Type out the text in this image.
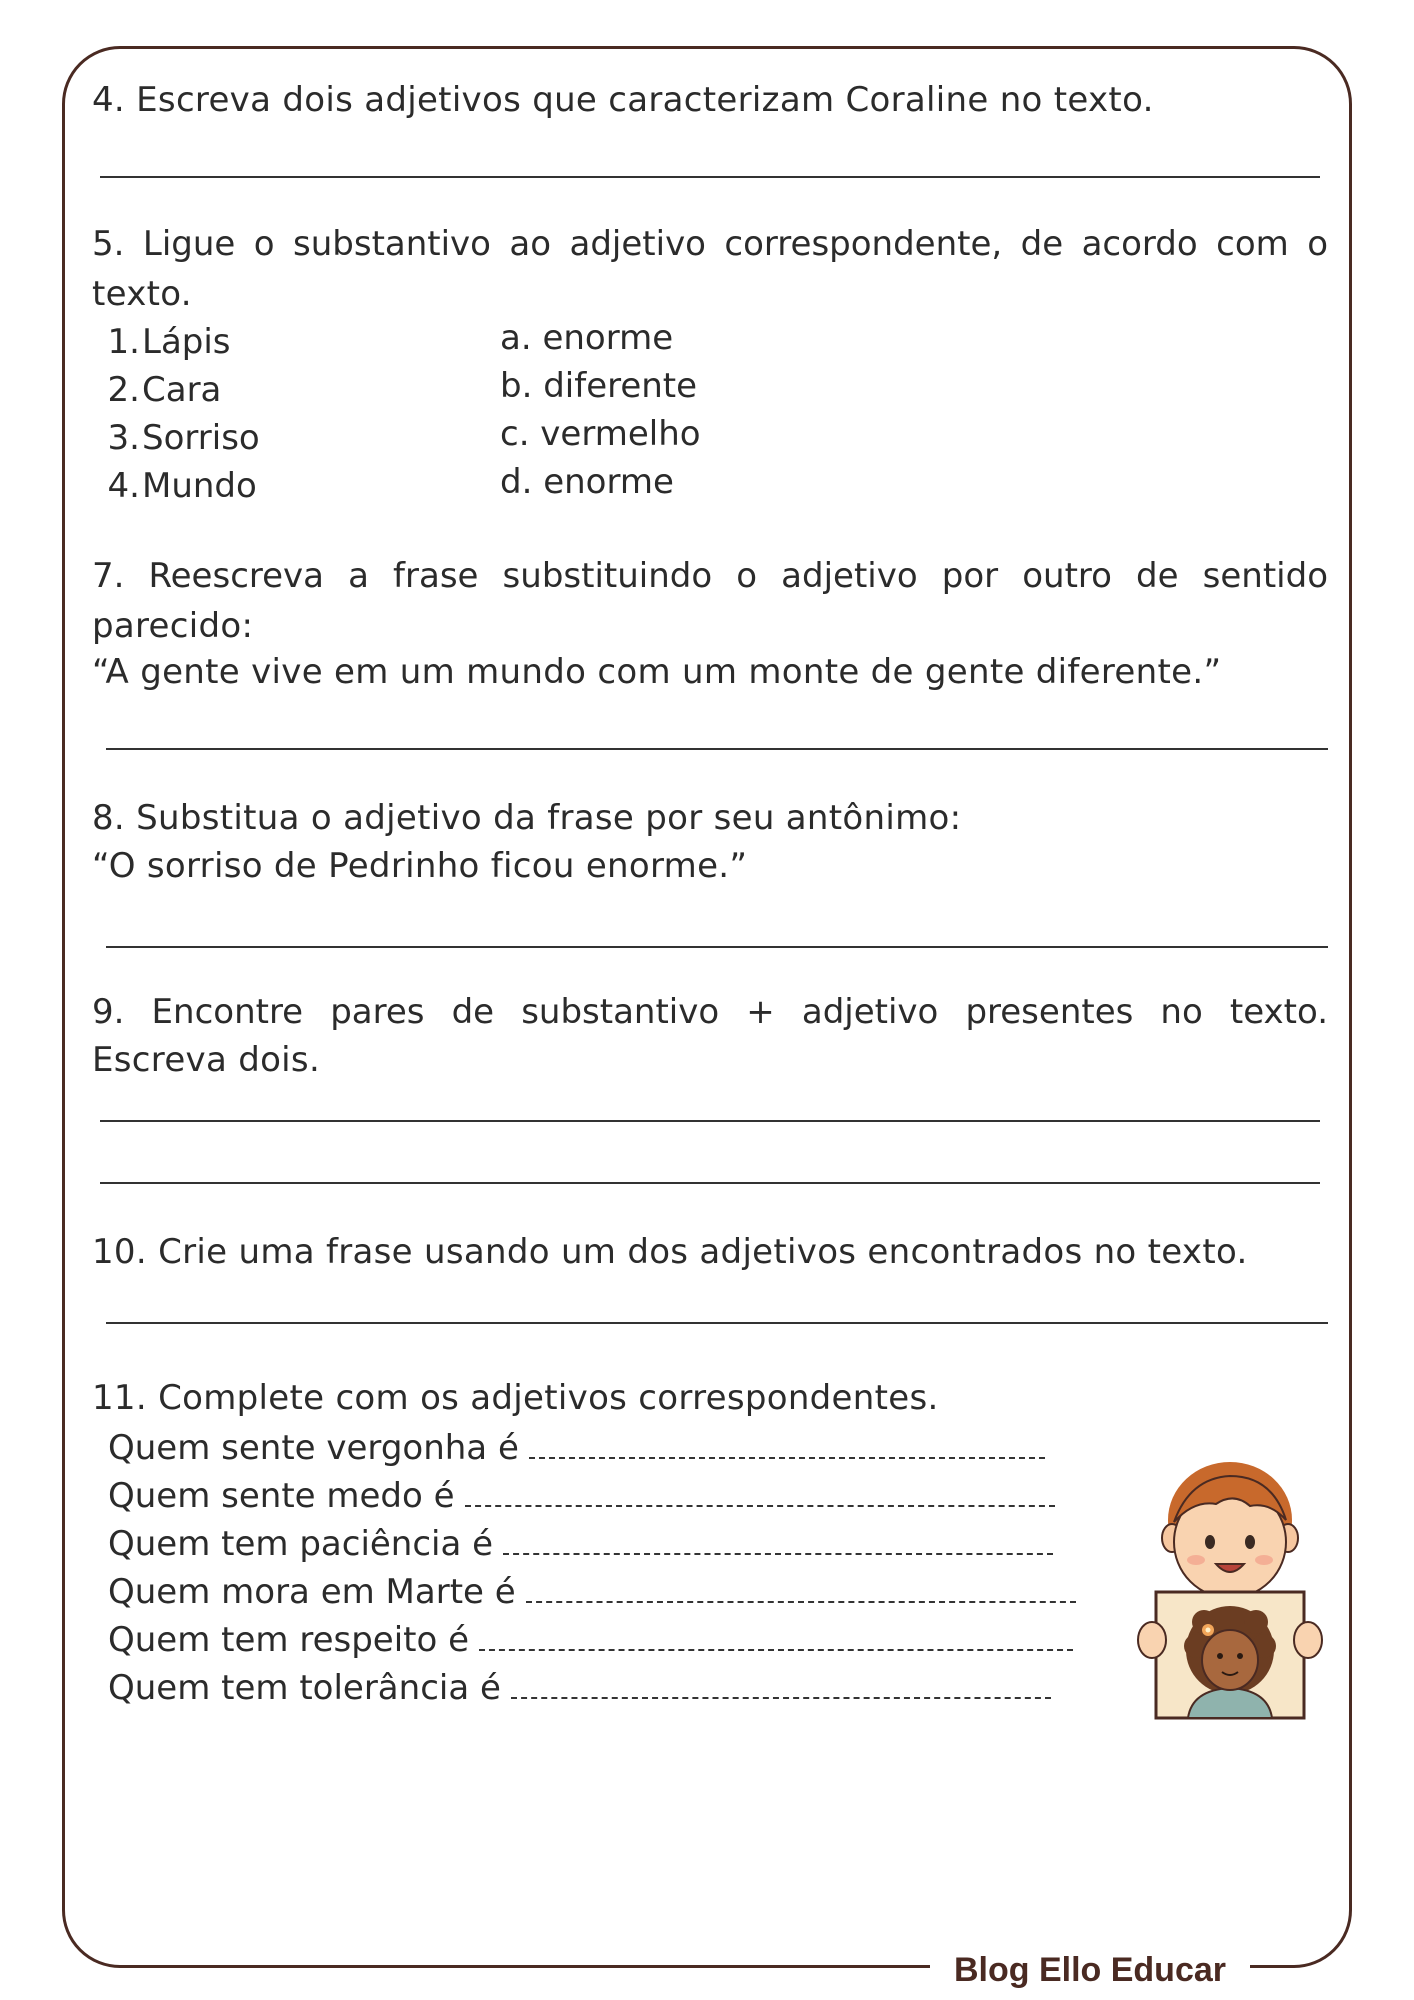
Blog Ello Educar
4. Escreva dois adjetivos que caracterizam Coraline no texto.
5. Ligue o substantivo ao adjetivo correspondente, de acordo com o
texto.
1.Lápis
2.Cara
3.Sorriso
4.Mundo
a. enorme
b. diferente
c. vermelho
d. enorme
7. Reescreva a frase substituindo o adjetivo por outro de sentido
parecido:
“A gente vive em um mundo com um monte de gente diferente.”
8. Substitua o adjetivo da frase por seu antônimo:
“O sorriso de Pedrinho ficou enorme.”
9. Encontre pares de substantivo + adjetivo presentes no texto.
Escreva dois.
10. Crie uma frase usando um dos adjetivos encontrados no texto.
11. Complete com os adjetivos correspondentes.
Quem sente vergonha é
Quem sente medo é
Quem tem paciência é
Quem mora em Marte é
Quem tem respeito é
Quem tem tolerância é
